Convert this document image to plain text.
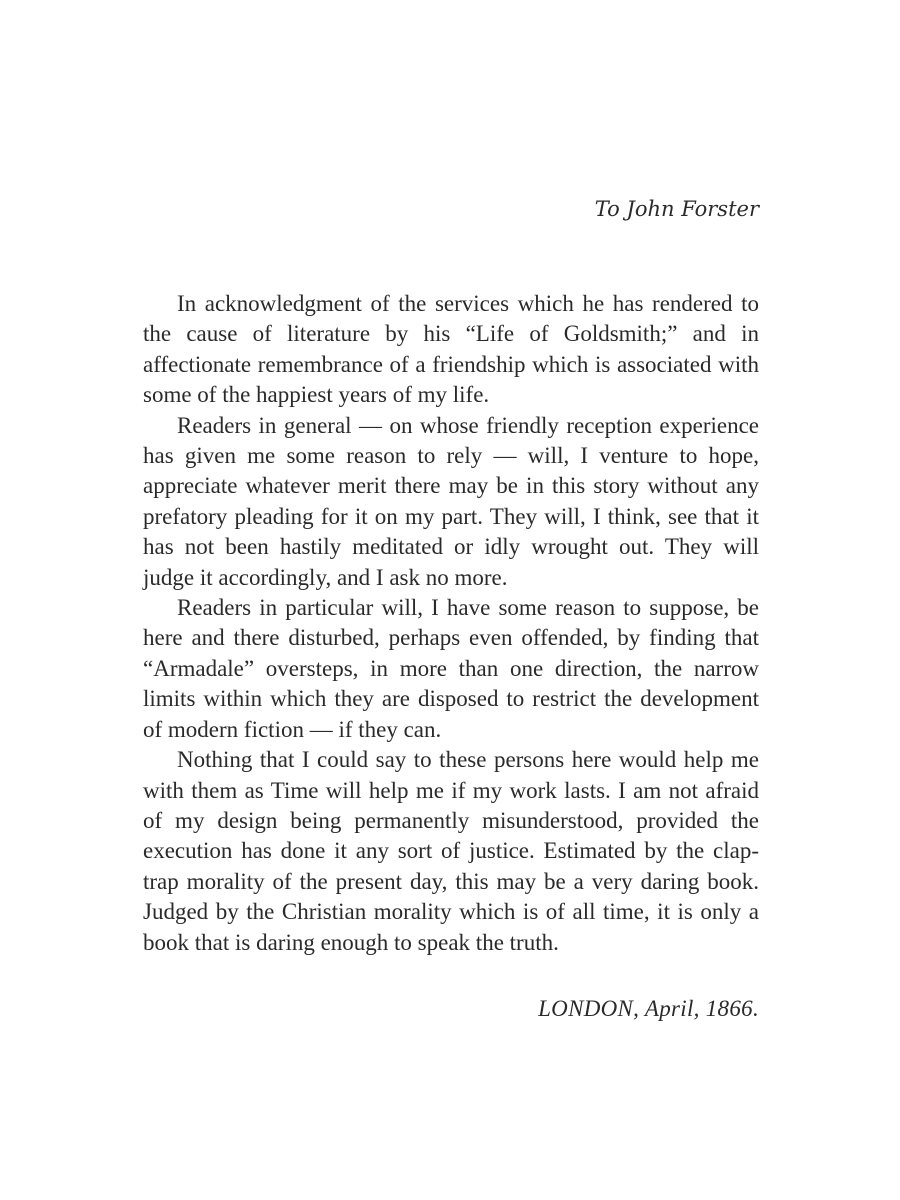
To John Forster

In acknowledgment of the services which he has rendered to the cause of literature by his “Life of Goldsmith;” and in affectionate remembrance of a friendship which is associated with some of the happiest years of my life.

Readers in general — on whose friendly reception experience has given me some reason to rely — will, I venture to hope, appreciate whatever merit there may be in this story without any prefatory pleading for it on my part. They will, I think, see that it has not been hastily meditated or idly wrought out. They will judge it accordingly, and I ask no more.

Readers in particular will, I have some reason to suppose, be here and there disturbed, perhaps even offended, by finding that “Armadale” oversteps, in more than one direction, the narrow limits within which they are disposed to restrict the development of modern fiction — if they can.

Nothing that I could say to these persons here would help me with them as Time will help me if my work lasts. I am not afraid of my design being permanently misunderstood, provided the execution has done it any sort of justice. Estimated by the clap-trap morality of the present day, this may be a very daring book. Judged by the Christian morality which is of all time, it is only a book that is daring enough to speak the truth.

LONDON, April, 1866.
